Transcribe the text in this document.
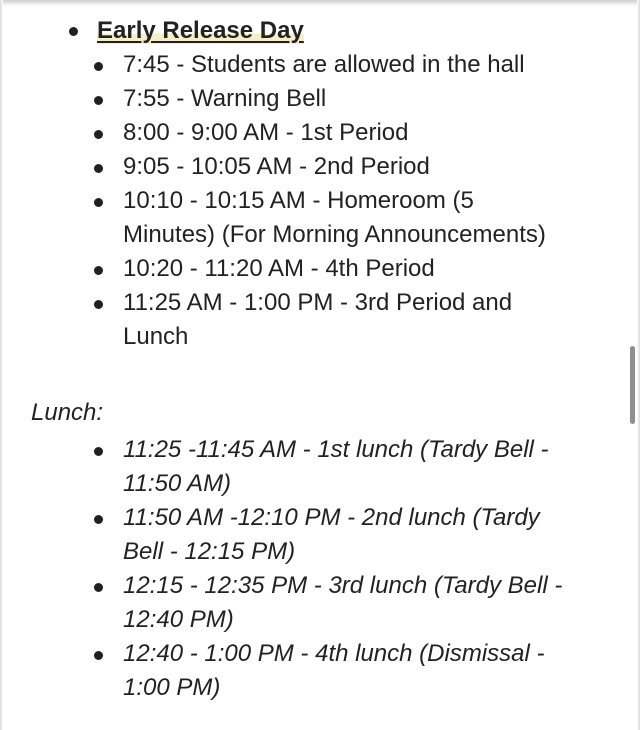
Early Release Day
7:45 - Students are allowed in the hall
7:55 - Warning Bell
8:00 - 9:00 AM - 1st Period
9:05 - 10:05 AM - 2nd Period
10:10 - 10:15 AM - Homeroom (5
Minutes) (For Morning Announcements)
10:20 - 11:20 AM - 4th Period
11:25 AM - 1:00 PM - 3rd Period and
Lunch
Lunch:
11:25 -11:45 AM - 1st lunch (Tardy Bell -
11:50 AM)
11:50 AM -12:10 PM - 2nd lunch (Tardy
Bell - 12:15 PM)
12:15 - 12:35 PM - 3rd lunch (Tardy Bell -
12:40 PM)
12:40 - 1:00 PM - 4th lunch (Dismissal -
1:00 PM)
